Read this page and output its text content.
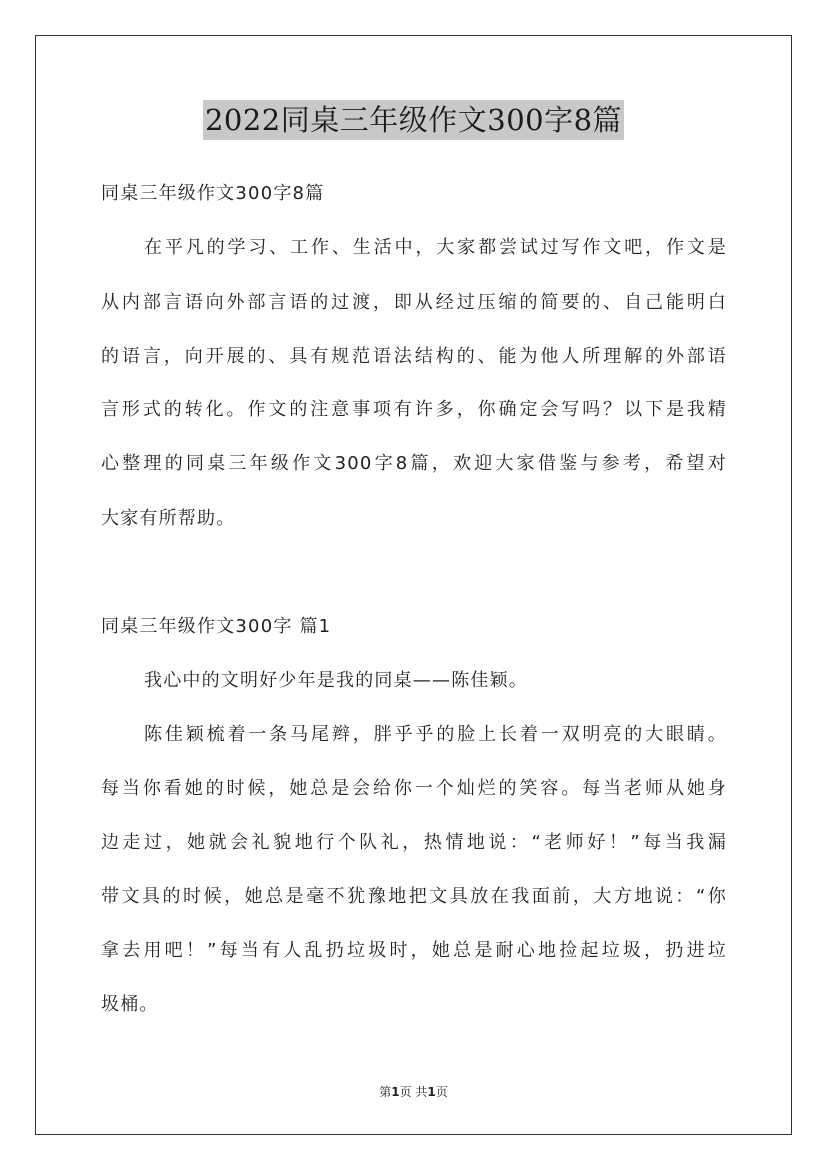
2022同桌三年级作文300字8篇
同桌三年级作文300字8篇
在平凡的学习、工作、生活中，大家都尝试过写作文吧，作文是
从内部言语向外部言语的过渡，即从经过压缩的简要的、自己能明白
的语言，向开展的、具有规范语法结构的、能为他人所理解的外部语
言形式的转化。作文的注意事项有许多，你确定会写吗？以下是我精
心整理的同桌三年级作文300字8篇，欢迎大家借鉴与参考，希望对
大家有所帮助。
同桌三年级作文300字 篇1
我心中的文明好少年是我的同桌——陈佳颖。
陈佳颖梳着一条马尾辫，胖乎乎的脸上长着一双明亮的大眼睛。
每当你看她的时候，她总是会给你一个灿烂的笑容。每当老师从她身
边走过，她就会礼貌地行个队礼，热情地说：“老师好！”每当我漏
带文具的时候，她总是毫不犹豫地把文具放在我面前，大方地说：“你
拿去用吧！”每当有人乱扔垃圾时，她总是耐心地捡起垃圾，扔进垃
圾桶。
第1页 共1页
